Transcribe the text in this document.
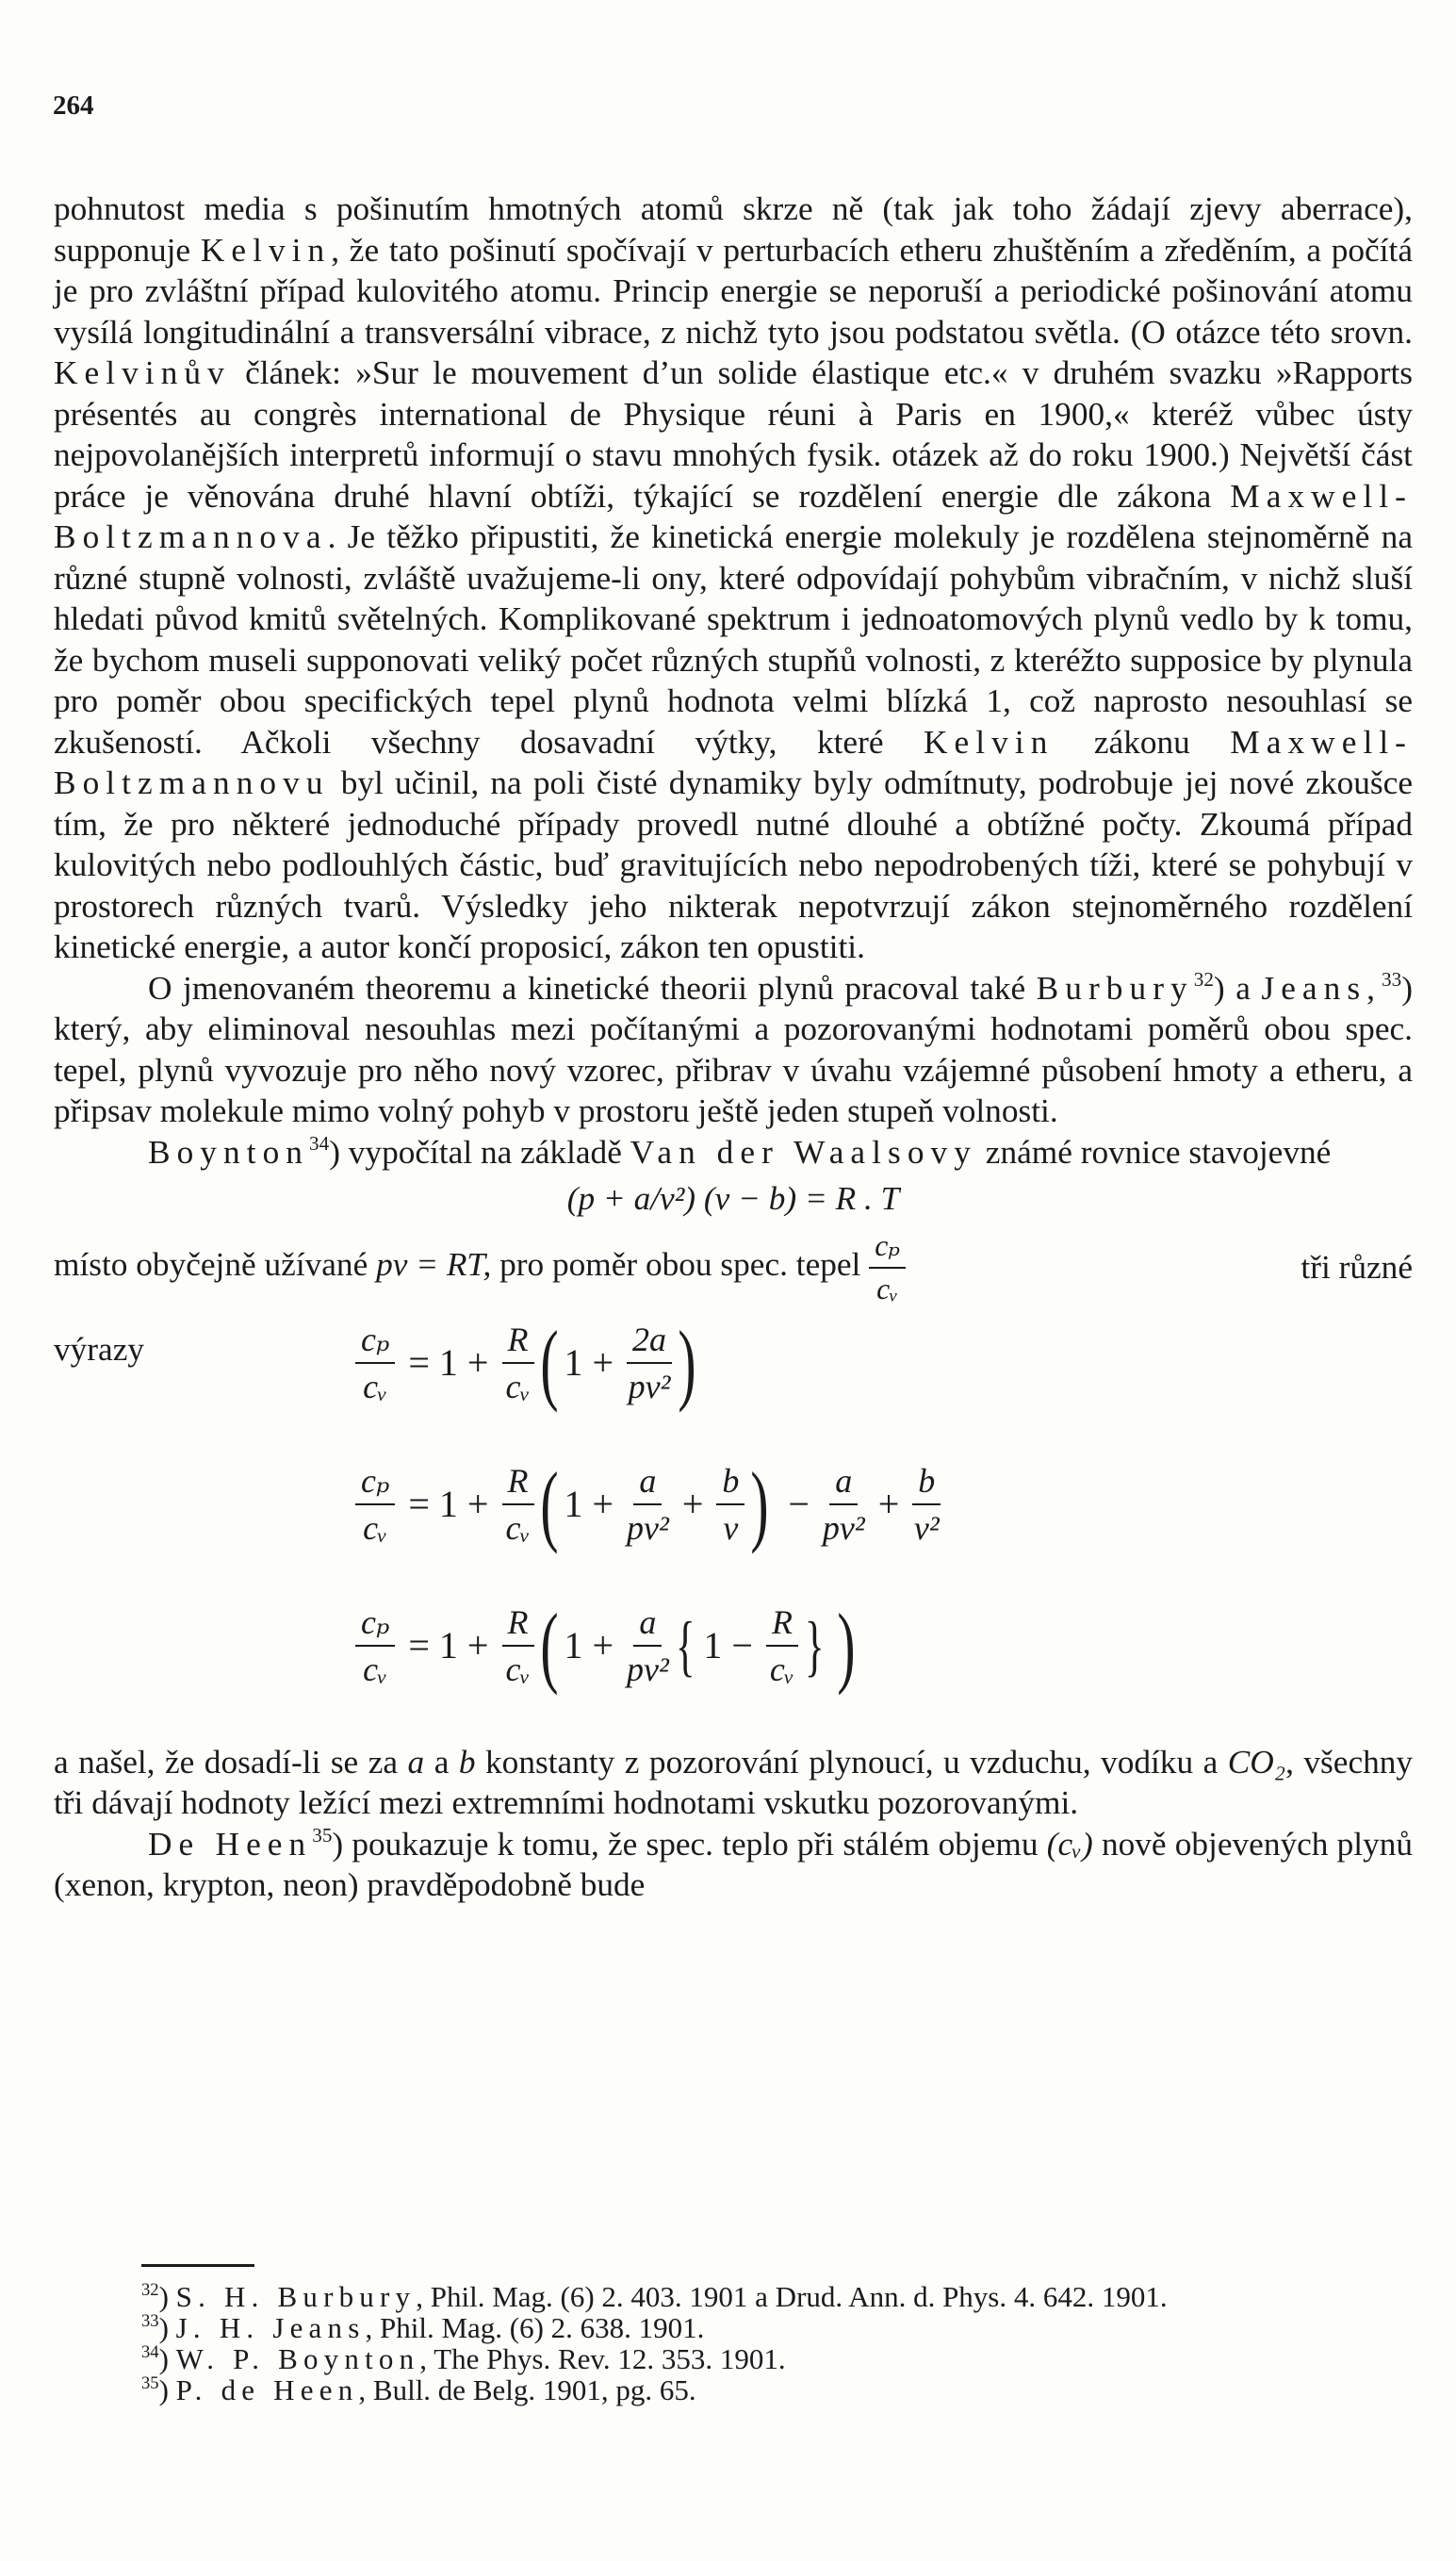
264

pohnutost media s pošinutím hmotných atomů skrze ně (tak jak toho žádají zjevy aberrace), supponuje Kelvin, že tato pošinutí spočívají v perturbacích etheru zhuštěním a zředěním, a počítá je pro zvláštní případ kulovitého atomu. Princip energie se neporuší a periodické pošinování atomu vysílá longitudinální a transversální vibrace, z nichž tyto jsou podstatou světla. (O otázce této srovn. Kelvinův článek: »Sur le mouvement d’un solide élastique etc.« v druhém svazku »Rapports présentés au congrès international de Physique réuni à Paris en 1900,« kteréž vůbec ústy nejpovolanějších interpretů informují o stavu mnohých fysik. otázek až do roku 1900.) Největší část práce je věnována druhé hlavní obtíži, týkající se rozdělení energie dle zákona Maxwell-Boltzmannova. Je těžko připustiti, že kinetická energie molekuly je rozdělena stejnoměrně na různé stupně volnosti, zvláště uvažujeme-li ony, které odpovídají pohybům vibračním, v nichž sluší hledati původ kmitů světelných. Komplikované spektrum i jednoatomových plynů vedlo by k tomu, že bychom museli supponovati veliký počet různých stupňů volnosti, z kteréžto supposice by plynula pro poměr obou specifických tepel plynů hodnota velmi blízká 1, což naprosto nesouhlasí se zkušeností. Ačkoli všechny dosavadní výtky, které Kelvin zákonu Maxwell-Boltzmannovu byl učinil, na poli čisté dynamiky byly odmítnuty, podrobuje jej nové zkoušce tím, že pro některé jednoduché případy provedl nutné dlouhé a obtížné počty. Zkoumá případ kulovitých nebo podlouhlých částic, buď gravitujících nebo nepodrobených tíži, které se pohybují v prostorech různých tvarů. Výsledky jeho nikterak nepotvrzují zákon stejnoměrného rozdělení kinetické energie, a autor končí proposicí, zákon ten opustiti.

O jmenovaném theoremu a kinetické theorii plynů pracoval také Burbury$^{32}$) a Jeans,$^{33}$) který, aby eliminoval nesouhlas mezi počítanými a pozorovanými hodnotami poměrů obou spec. tepel, plynů vyvozuje pro něho nový vzorec, přibrav v úvahu vzájemné působení hmoty a etheru, a připsav molekule mimo volný pohyb v prostoru ještě jeden stupeň volnosti.

Boynton$^{34}$) vypočítal na základě Van der Waalsovy známé rovnice stavojevné

(p + a/v²) (v − b) = R . T
místo obyčejně užívané pv = RT, pro poměr obou spec. tepel $\frac{\text{cₚ}}{\text{cᵥ}}$	tři různé
výrazy	$\frac{\text{cₚ}}{\text{cᵥ}} = 1 + \frac{R}{\text{cᵥ}}$ ( $1 + \frac{2a}{\text{pv²}}$ )
$\frac{\text{cₚ}}{\text{cᵥ}} = 1 + \frac{R}{\text{cᵥ}}$ ( $1 + \frac{a}{\text{pv²}} + \frac{b}{v}$ ) − $\frac{a}{\text{pv²}} + \frac{b}{\text{v²}}$
$\frac{\text{cₚ}}{\text{cᵥ}} = 1 + \frac{R}{\text{cᵥ}}$ ( $1 + \frac{a}{\text{pv²}}$ { $1 - \frac{R}{\text{cᵥ}}$ } )

a našel, že dosadí-li se za a a b konstanty z pozorování plynoucí, u vzduchu, vodíku a CO₂, všechny tři dávají hodnoty ležící mezi extremními hodnotami vskutku pozorovanými.

De Heen$^{35}$) poukazuje k tomu, že spec. teplo při stálém objemu (cᵥ) nově objevených plynů (xenon, krypton, neon) pravděpodobně bude

$^{32}$) S. H. Burbury, Phil. Mag. (6) 2. 403. 1901 a Drud. Ann. d. Phys. 4. 642. 1901.
$^{33}$) J. H. Jeans, Phil. Mag. (6) 2. 638. 1901.
$^{34}$) W. P. Boynton, The Phys. Rev. 12. 353. 1901.
$^{35}$) P. de Heen, Bull. de Belg. 1901, pg. 65.
